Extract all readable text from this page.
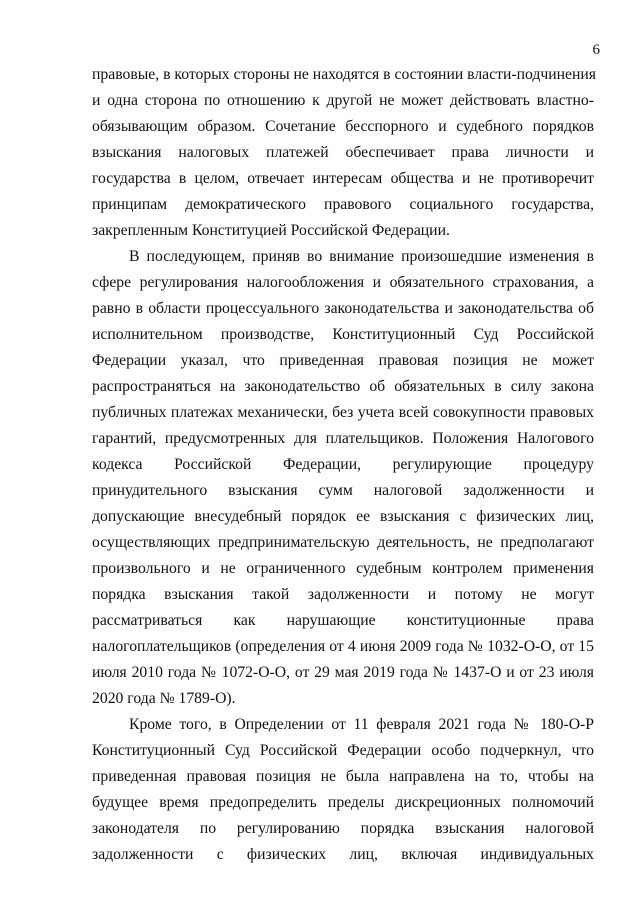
6
правовые, в которых стороны не находятся в состоянии власти-подчинения
и одна сторона по отношению к другой не может действовать властно-
обязывающим образом. Сочетание бесспорного и судебного порядков
взыскания налоговых платежей обеспечивает права личности и
государства в целом, отвечает интересам общества и не противоречит
принципам демократического правового социального государства,
закрепленным Конституцией Российской Федерации.
В последующем, приняв во внимание произошедшие изменения в
сфере регулирования налогообложения и обязательного страхования, а
равно в области процессуального законодательства и законодательства об
исполнительном производстве, Конституционный Суд Российской
Федерации указал, что приведенная правовая позиция не может
распространяться на законодательство об обязательных в силу закона
публичных платежах механически, без учета всей совокупности правовых
гарантий, предусмотренных для плательщиков. Положения Налогового
кодекса Российской Федерации, регулирующие процедуру
принудительного взыскания сумм налоговой задолженности и
допускающие внесудебный порядок ее взыскания с физических лиц,
осуществляющих предпринимательскую деятельность, не предполагают
произвольного и не ограниченного судебным контролем применения
порядка взыскания такой задолженности и потому не могут
рассматриваться как нарушающие конституционные права
налогоплательщиков (определения от 4 июня 2009 года № 1032-О-О, от 15
июля 2010 года № 1072-О-О, от 29 мая 2019 года № 1437-О и от 23 июля
2020 года № 1789-О).
Кроме того, в Определении от 11 февраля 2021 года № 180-О-Р
Конституционный Суд Российской Федерации особо подчеркнул, что
приведенная правовая позиция не была направлена на то, чтобы на
будущее время предопределить пределы дискреционных полномочий
законодателя по регулированию порядка взыскания налоговой
задолженности с физических лиц, включая индивидуальных
